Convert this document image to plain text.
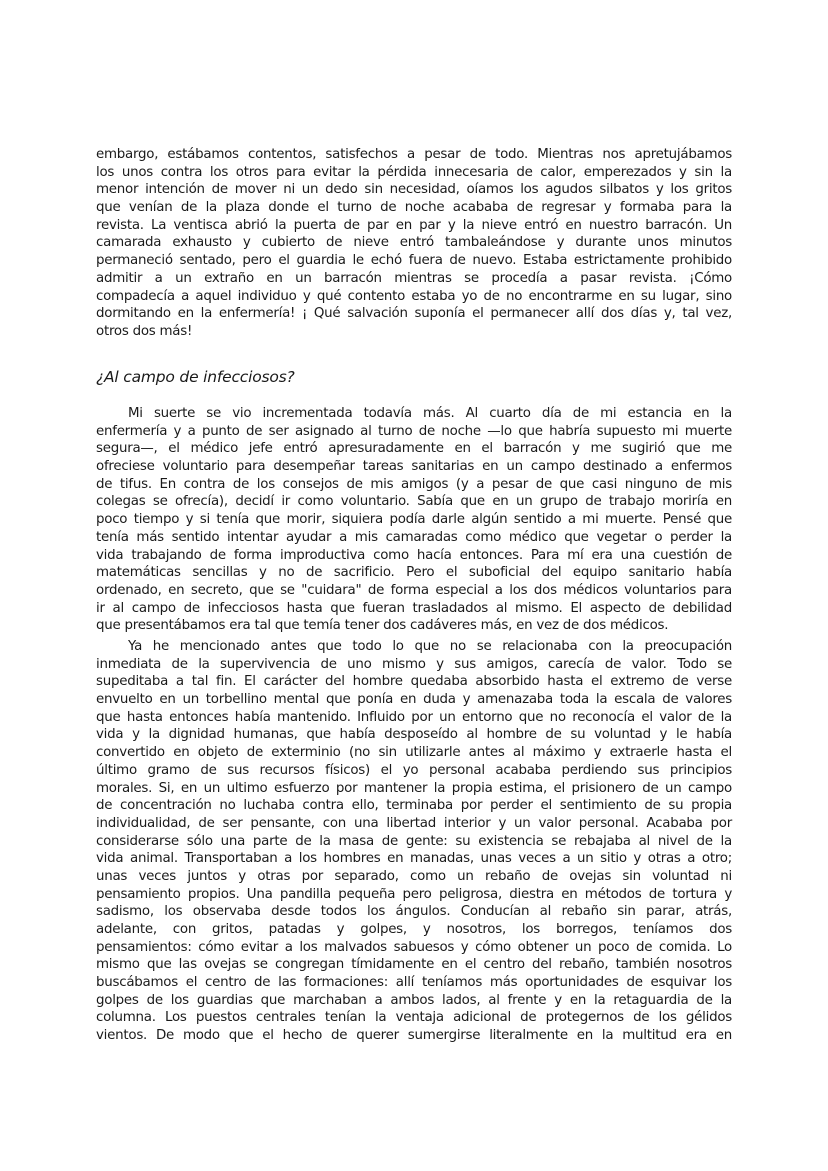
embargo, estábamos contentos, satisfechos a pesar de todo. Mientras nos apretujábamos
los unos contra los otros para evitar la pérdida innecesaria de calor, emperezados y sin la
menor intención de mover ni un dedo sin necesidad, oíamos los agudos silbatos y los gritos
que venían de la plaza donde el turno de noche acababa de regresar y formaba para la
revista. La ventisca abrió la puerta de par en par y la nieve entró en nuestro barracón. Un
camarada exhausto y cubierto de nieve entró tambaleándose y durante unos minutos
permaneció sentado, pero el guardia le echó fuera de nuevo. Estaba estrictamente prohibido
admitir a un extraño en un barracón mientras se procedía a pasar revista. ¡Cómo
compadecía a aquel individuo y qué contento estaba yo de no encontrarme en su lugar, sino
dormitando en la enfermería! ¡ Qué salvación suponía el permanecer allí dos días y, tal vez,
otros dos más!
¿Al campo de infecciosos?
Mi suerte se vio incrementada todavía más. Al cuarto día de mi estancia en la
enfermería y a punto de ser asignado al turno de noche —lo que habría supuesto mi muerte
segura—, el médico jefe entró apresuradamente en el barracón y me sugirió que me
ofreciese voluntario para desempeñar tareas sanitarias en un campo destinado a enfermos
de tifus. En contra de los consejos de mis amigos (y a pesar de que casi ninguno de mis
colegas se ofrecía), decidí ir como voluntario. Sabía que en un grupo de trabajo moriría en
poco tiempo y si tenía que morir, siquiera podía darle algún sentido a mi muerte. Pensé que
tenía más sentido intentar ayudar a mis camaradas como médico que vegetar o perder la
vida trabajando de forma improductiva como hacía entonces. Para mí era una cuestión de
matemáticas sencillas y no de sacrificio. Pero el suboficial del equipo sanitario había
ordenado, en secreto, que se "cuidara" de forma especial a los dos médicos voluntarios para
ir al campo de infecciosos hasta que fueran trasladados al mismo. El aspecto de debilidad
que presentábamos era tal que temía tener dos cadáveres más, en vez de dos médicos.
Ya he mencionado antes que todo lo que no se relacionaba con la preocupación
inmediata de la supervivencia de uno mismo y sus amigos, carecía de valor. Todo se
supeditaba a tal fin. El carácter del hombre quedaba absorbido hasta el extremo de verse
envuelto en un torbellino mental que ponía en duda y amenazaba toda la escala de valores
que hasta entonces había mantenido. Influido por un entorno que no reconocía el valor de la
vida y la dignidad humanas, que había desposeído al hombre de su voluntad y le había
convertido en objeto de exterminio (no sin utilizarle antes al máximo y extraerle hasta el
último gramo de sus recursos físicos) el yo personal acababa perdiendo sus principios
morales. Si, en un ultimo esfuerzo por mantener la propia estima, el prisionero de un campo
de concentración no luchaba contra ello, terminaba por perder el sentimiento de su propia
individualidad, de ser pensante, con una libertad interior y un valor personal. Acababa por
considerarse sólo una parte de la masa de gente: su existencia se rebajaba al nivel de la
vida animal. Transportaban a los hombres en manadas, unas veces a un sitio y otras a otro;
unas veces juntos y otras por separado, como un rebaño de ovejas sin voluntad ni
pensamiento propios. Una pandilla pequeña pero peligrosa, diestra en métodos de tortura y
sadismo, los observaba desde todos los ángulos. Conducían al rebaño sin parar, atrás,
adelante, con gritos, patadas y golpes, y nosotros, los borregos, teníamos dos
pensamientos: cómo evitar a los malvados sabuesos y cómo obtener un poco de comida. Lo
mismo que las ovejas se congregan tímidamente en el centro del rebaño, también nosotros
buscábamos el centro de las formaciones: allí teníamos más oportunidades de esquivar los
golpes de los guardias que marchaban a ambos lados, al frente y en la retaguardia de la
columna. Los puestos centrales tenían la ventaja adicional de protegernos de los gélidos
vientos. De modo que el hecho de querer sumergirse literalmente en la multitud era en
